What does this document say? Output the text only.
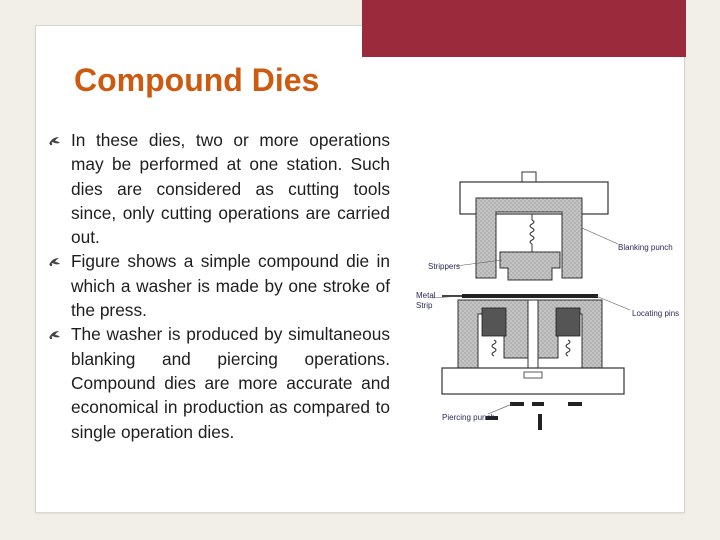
Compound Dies
In these dies, two or more operations may be performed at one station. Such dies are considered as cutting tools since, only cutting operations are carried out.
Figure shows a simple compound die in which a washer is made by one stroke of the press.
The washer is produced by simultaneous blanking and piercing operations. Compound dies are more accurate and economical in production as compared to single operation dies.
Blanking punch
Strippers
Metal
Strip
Locating pins
Piercing punch
